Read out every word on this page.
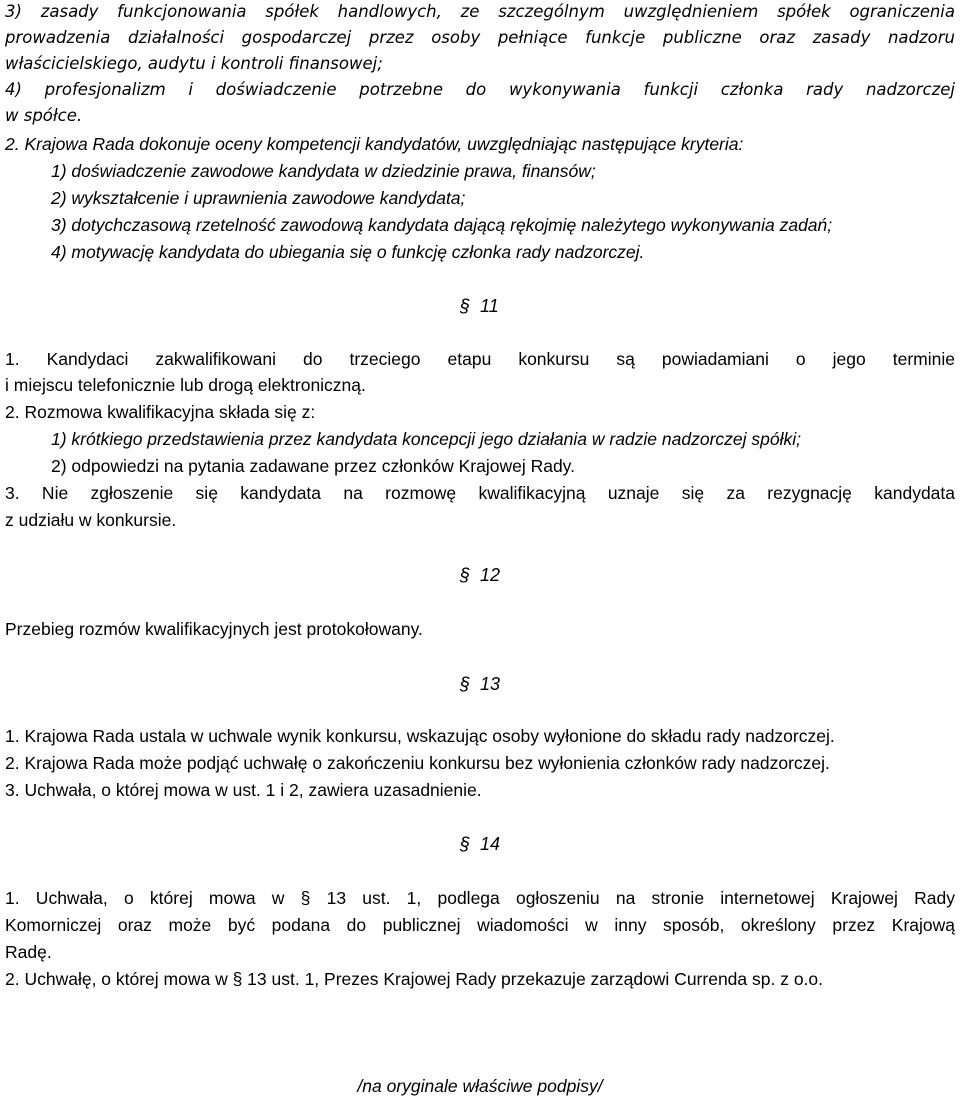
3) zasady funkcjonowania spółek handlowych, ze szczególnym uwzględnieniem spółek ograniczenia
prowadzenia działalności gospodarczej przez osoby pełniące funkcje publiczne oraz zasady nadzoru
właścicielskiego, audytu i kontroli finansowej;
4) profesjonalizm i doświadczenie potrzebne do wykonywania funkcji członka rady nadzorczej
w spółce.
2. Krajowa Rada dokonuje oceny kompetencji kandydatów, uwzględniając następujące kryteria:
1) doświadczenie zawodowe kandydata w dziedzinie prawa, finansów;
2) wykształcenie i uprawnienia zawodowe kandydata;
3) dotychczasową rzetelność zawodową kandydata dającą rękojmię należytego wykonywania zadań;
4) motywację kandydata do ubiegania się o funkcję członka rady nadzorczej.
§ 11
1. Kandydaci zakwalifikowani do trzeciego etapu konkursu są powiadamiani o jego terminie
i miejscu telefonicznie lub drogą elektroniczną.
2. Rozmowa kwalifikacyjna składa się z:
1) krótkiego przedstawienia przez kandydata koncepcji jego działania w radzie nadzorczej spółki;
2) odpowiedzi na pytania zadawane przez członków Krajowej Rady.
3. Nie zgłoszenie się kandydata na rozmowę kwalifikacyjną uznaje się za rezygnację kandydata
z udziału w konkursie.
§ 12
Przebieg rozmów kwalifikacyjnych jest protokołowany.
§ 13
1. Krajowa Rada ustala w uchwale wynik konkursu, wskazując osoby wyłonione do składu rady nadzorczej.
2. Krajowa Rada może podjąć uchwałę o zakończeniu konkursu bez wyłonienia członków rady nadzorczej.
3. Uchwała, o której mowa w ust. 1 i 2, zawiera uzasadnienie.
§ 14
1. Uchwała, o której mowa w § 13 ust. 1, podlega ogłoszeniu na stronie internetowej Krajowej Rady
Komorniczej oraz może być podana do publicznej wiadomości w inny sposób, określony przez Krajową
Radę.
2. Uchwałę, o której mowa w § 13 ust. 1, Prezes Krajowej Rady przekazuje zarządowi Currenda sp. z o.o.
/na oryginale właściwe podpisy/
